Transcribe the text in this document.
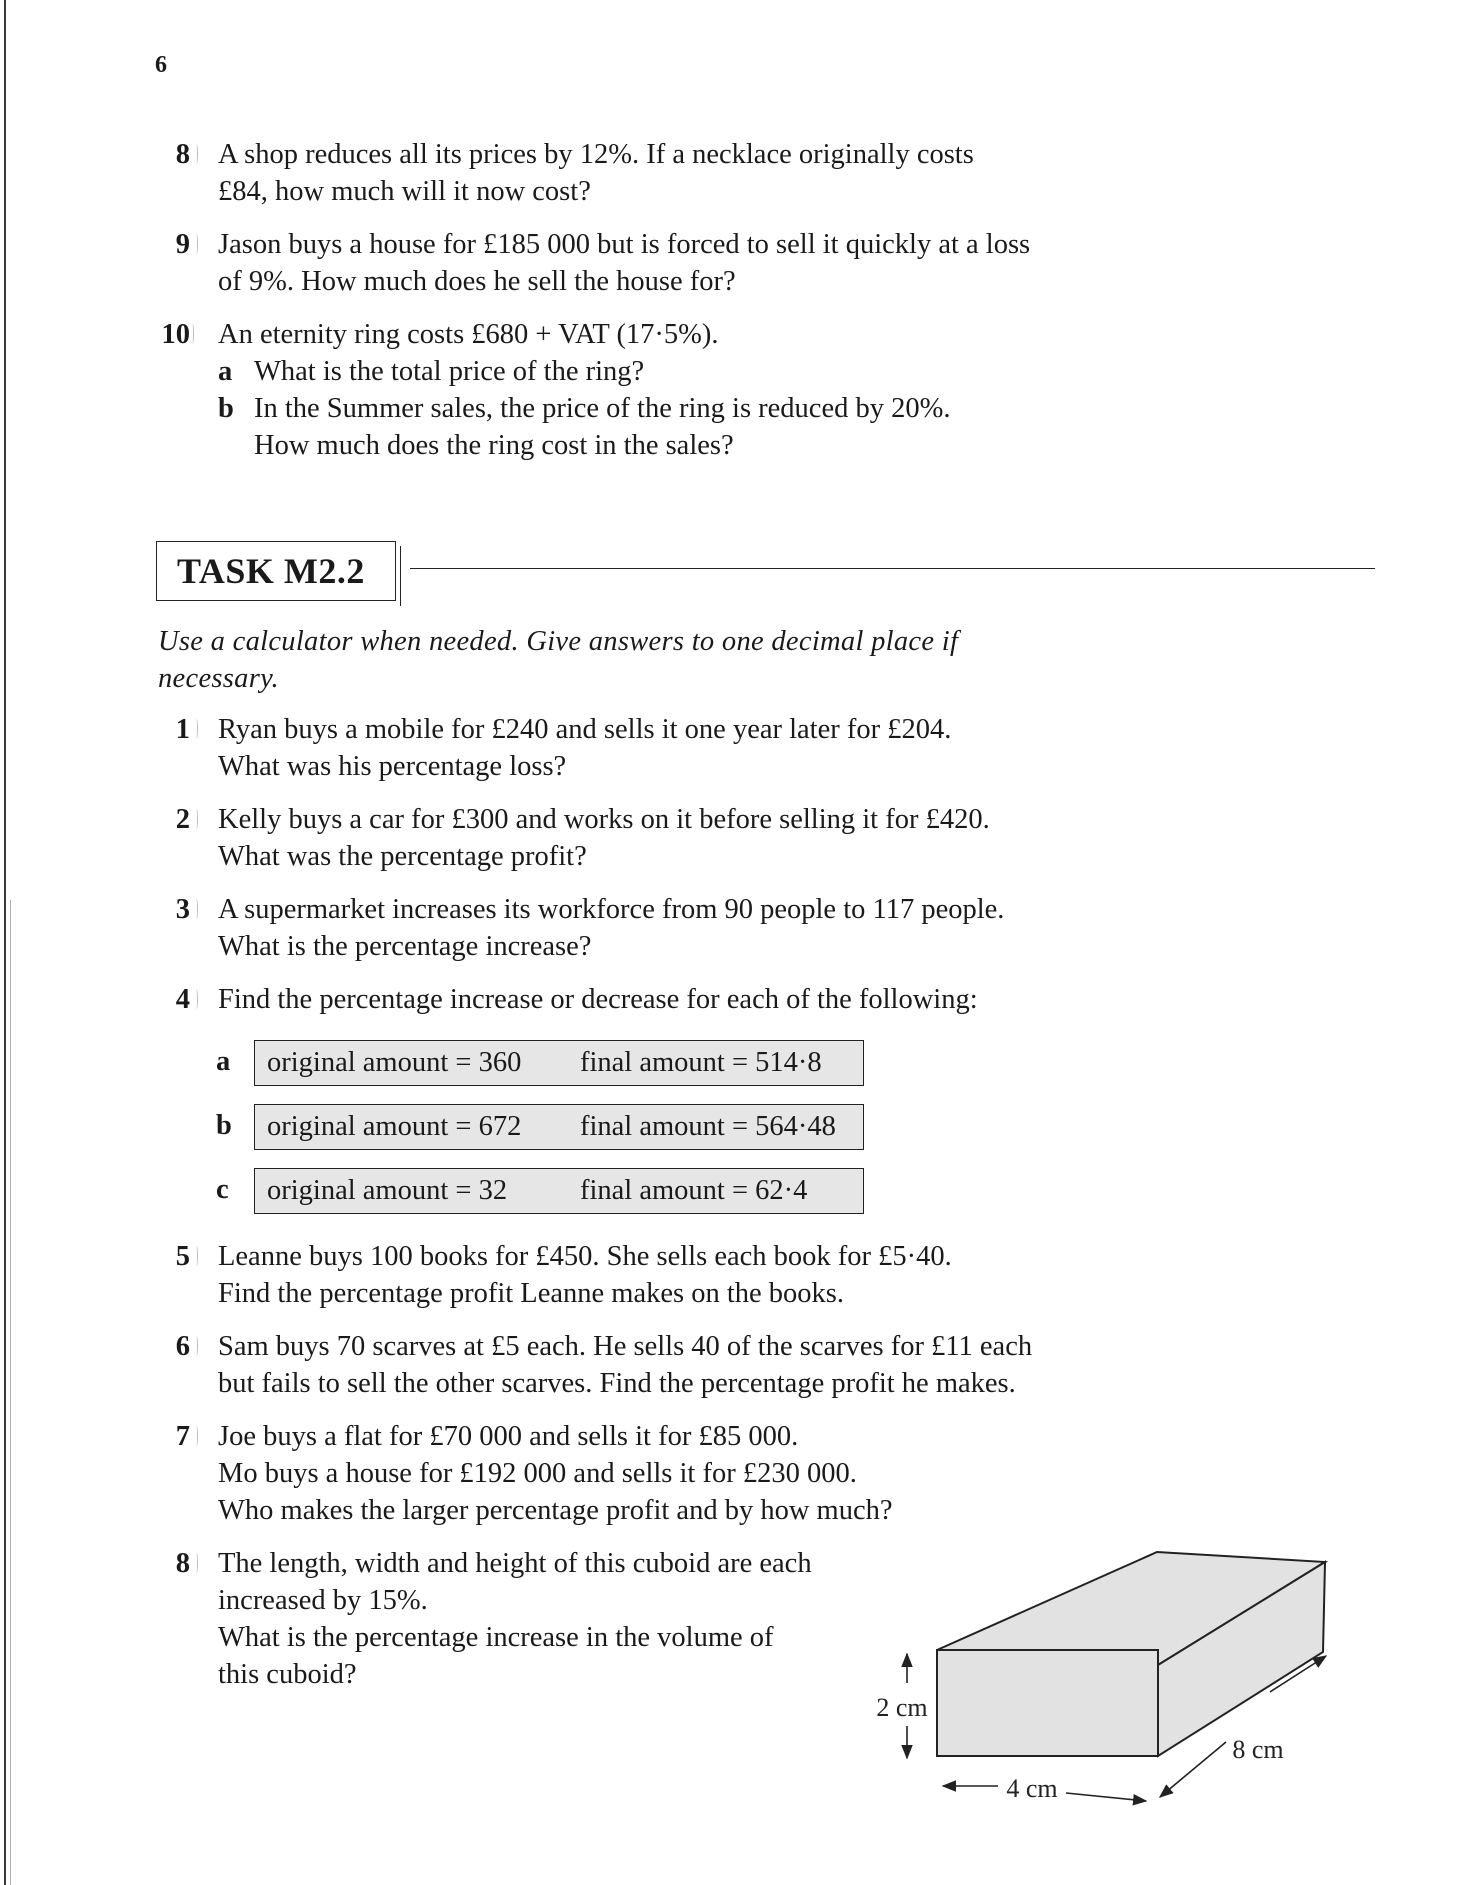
6
8 A shop reduces all its prices by 12%. If a necklace originally costs
£84, how much will it now cost?
9 Jason buys a house for £185 000 but is forced to sell it quickly at a loss
of 9%. How much does he sell the house for?
10 An eternity ring costs £680 + VAT (17·5%).
a What is the total price of the ring?
b In the Summer sales, the price of the ring is reduced by 20%.
How much does the ring cost in the sales?
TASK M2.2
Use a calculator when needed. Give answers to one decimal place if
necessary.
1 Ryan buys a mobile for £240 and sells it one year later for £204.
What was his percentage loss?
2 Kelly buys a car for £300 and works on it before selling it for £420.
What was the percentage profit?
3 A supermarket increases its workforce from 90 people to 117 people.
What is the percentage increase?
4 Find the percentage increase or decrease for each of the following:
a original amount = 360 final amount = 514·8
b original amount = 672 final amount = 564·48
c original amount = 32	final amount = 62·4
5 Leanne buys 100 books for £450. She sells each book for £5·40.
Find the percentage profit Leanne makes on the books.
6 Sam buys 70 scarves at £5 each. He sells 40 of the scarves for £11 each
but fails to sell the other scarves. Find the percentage profit he makes.
7 Joe buys a flat for £70 000 and sells it for £85 000.
Mo buys a house for £192 000 and sells it for £230 000.
Who makes the larger percentage profit and by how much?
8 The length, width and height of this cuboid are each
increased by 15%.
What is the percentage increase in the volume of
this cuboid?
2 cm
4 cm
8 cm
